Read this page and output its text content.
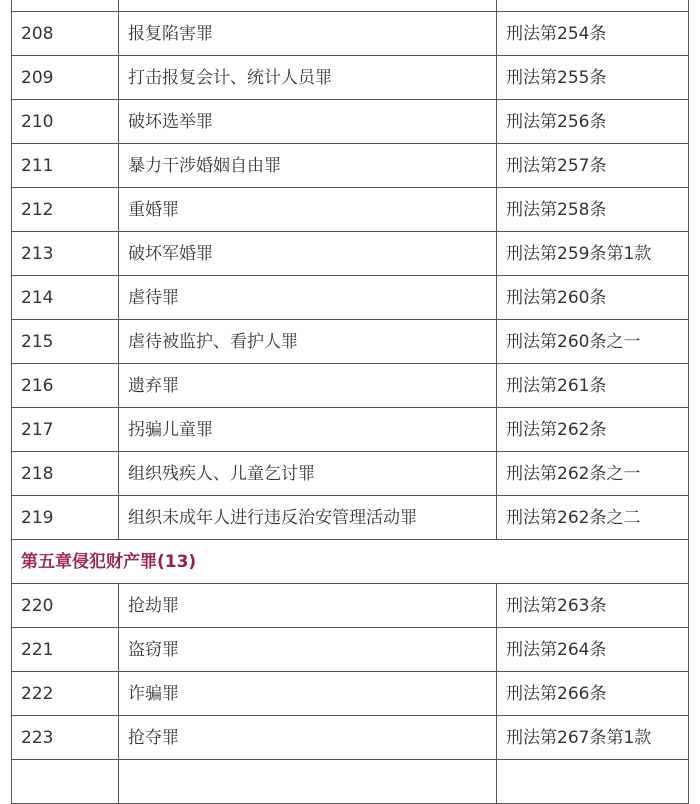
208	报复陷害罪	刑法第254条
209	打击报复会计、统计人员罪	刑法第255条
210	破坏选举罪	刑法第256条
211	暴力干涉婚姻自由罪	刑法第257条
212	重婚罪	刑法第258条
213	破坏军婚罪	刑法第259条第1款
214	虐待罪	刑法第260条
215	虐待被监护、看护人罪	刑法第260条之一
216	遗弃罪	刑法第261条
217	拐骗儿童罪	刑法第262条
218	组织残疾人、儿童乞讨罪	刑法第262条之一
219	组织未成年人进行违反治安管理活动罪	刑法第262条之二
第五章侵犯财产罪(13)		
220	抢劫罪	刑法第263条
221	盗窃罪	刑法第264条
222	诈骗罪	刑法第266条
223	抢夺罪	刑法第267条第1款
